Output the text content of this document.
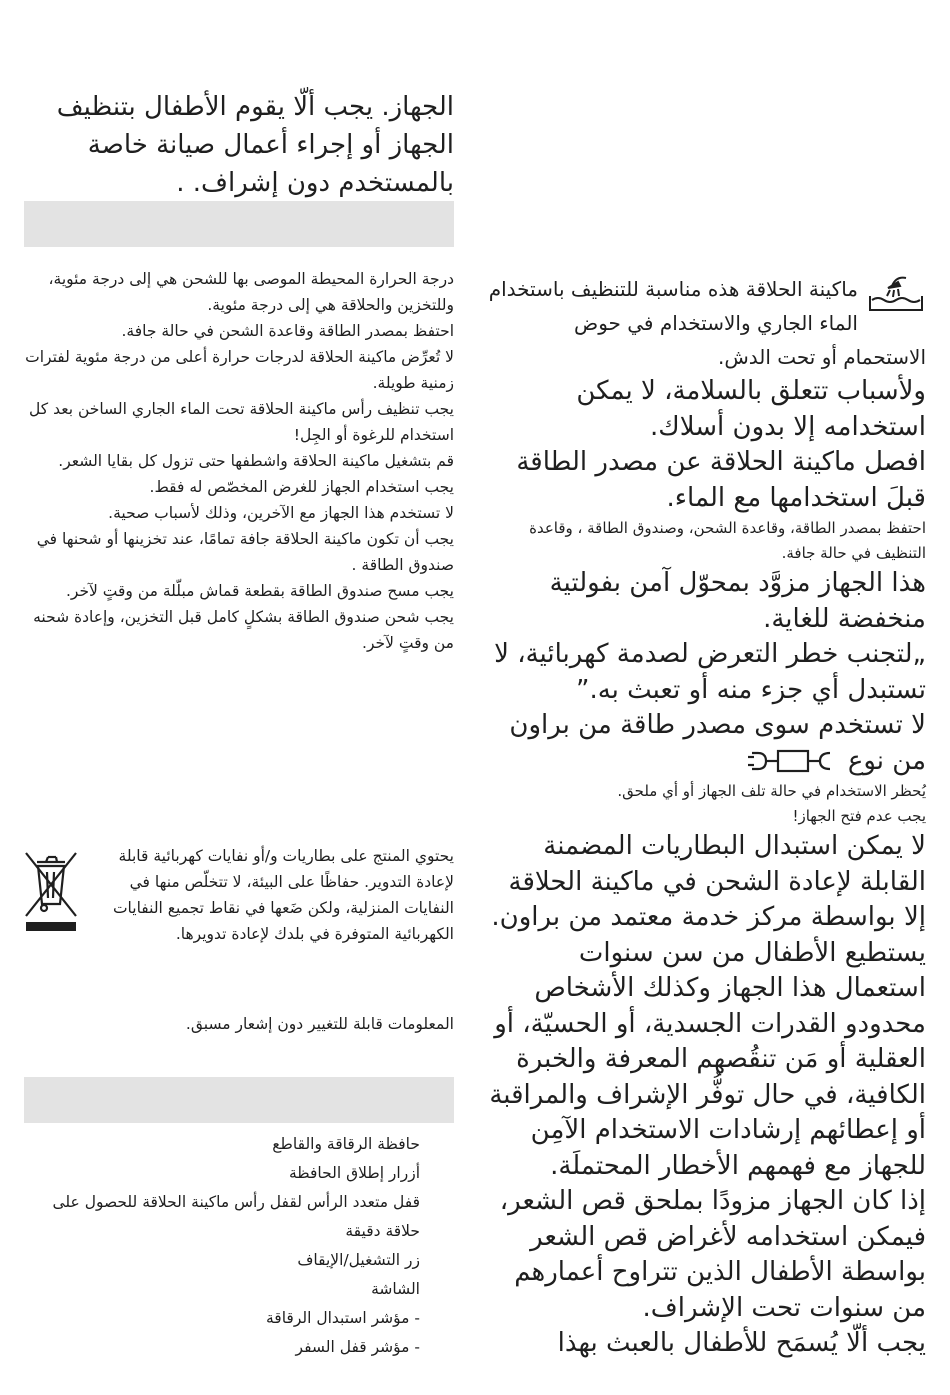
الجهاز. يجب ألّا يقوم الأطفال بتنظيف الجهاز أو إجراء أعمال صيانة خاصة بالمستخدم دون إشراف. .

درجة الحرارة المحيطة الموصى بها للشحن هي إلى درجة مئوية، وللتخزين والحلاقة هي إلى درجة مئوية.

احتفظ بمصدر الطاقة وقاعدة الشحن في حالة جافة.

لا تُعرِّض ماكينة الحلاقة لدرجات حرارة أعلى من درجة مئوية لفترات زمنية طويلة.

يجب تنظيف رأس ماكينة الحلاقة تحت الماء الجاري الساخن بعد كل استخدام للرغوة أو الجِل!

قم بتشغيل ماكينة الحلاقة واشطفها حتى تزول كل بقايا الشعر.

يجب استخدام الجهاز للغرض المخصّص له فقط.

لا تستخدم هذا الجهاز مع الآخرين، وذلك لأسباب صحية.

يجب أن تكون ماكينة الحلاقة جافة تمامًا، عند تخزينها أو شحنها في صندوق الطاقة .

يجب مسح صندوق الطاقة بقطعة قماش مبلّلة من وقتٍ لآخر.

يجب شحن صندوق الطاقة بشكلٍ كامل قبل التخزين، وإعادة شحنه من وقتٍ لآخر.

يحتوي المنتج على بطاريات و/أو نفايات كهربائية قابلة لإعادة التدوير. حفاظًا على البيئة، لا تتخلّص منها في النفايات المنزلية، ولكن ضَعها في نقاط تجميع النفايات الكهربائية المتوفرة في بلدك لإعادة تدويرها.

المعلومات قابلة للتغيير دون إشعار مسبق.

حافظة الرقاقة والقاطع
أزرار إطلاق الحافظة
قفل متعدد الرأس لقفل رأس ماكينة الحلاقة للحصول على حلاقة دقيقة
زر التشغيل/الإيقاف
الشاشة
- مؤشر استبدال الرقاقة
- مؤشر قفل السفر

ماكينة الحلاقة هذه مناسبة للتنظيف باستخدام الماء الجاري والاستخدام في حوض الاستحمام أو تحت الدش.

ولأسباب تتعلق بالسلامة، لا يمكن استخدامه إلا بدون أسلاك.

افصل ماكينة الحلاقة عن مصدر الطاقة قبلَ استخدامها مع الماء.

احتفظ بمصدر الطاقة، وقاعدة الشحن، وصندوق الطاقة ، وقاعدة التنظيف في حالة جافة.

هذا الجهاز مزوَّد بمحوّل آمن بفولتية منخفضة للغاية.

„لتجنب خطر التعرض لصدمة كهربائية، لا تستبدل أي جزء منه أو تعبث به.”

لا تستخدم سوى مصدر طاقة من براون من نوع

يُحظر الاستخدام في حالة تلف الجهاز أو أي ملحق.

يجب عدم فتح الجهاز!

لا يمكن استبدال البطاريات المضمنة القابلة لإعادة الشحن في ماكينة الحلاقة إلا بواسطة مركز خدمة معتمد من براون.

يستطيع الأطفال من سن سنوات استعمال هذا الجهاز وكذلك الأشخاص محدودو القدرات الجسدية، أو الحسيّة، أو العقلية أو مَن تنقُصهم المعرفة والخبرة الكافية، في حال توفُّر الإشراف والمراقبة أو إعطائهم إرشادات الاستخدام الآمِن للجهاز مع فهمهم الأخطار المحتملَة.

إذا كان الجهاز مزودًا بملحق قص الشعر، فيمكن استخدامه لأغراض قص الشعر بواسطة الأطفال الذين تتراوح أعمارهم من سنوات تحت الإشراف.

يجب ألّا يُسمَح للأطفال بالعبث بهذا
